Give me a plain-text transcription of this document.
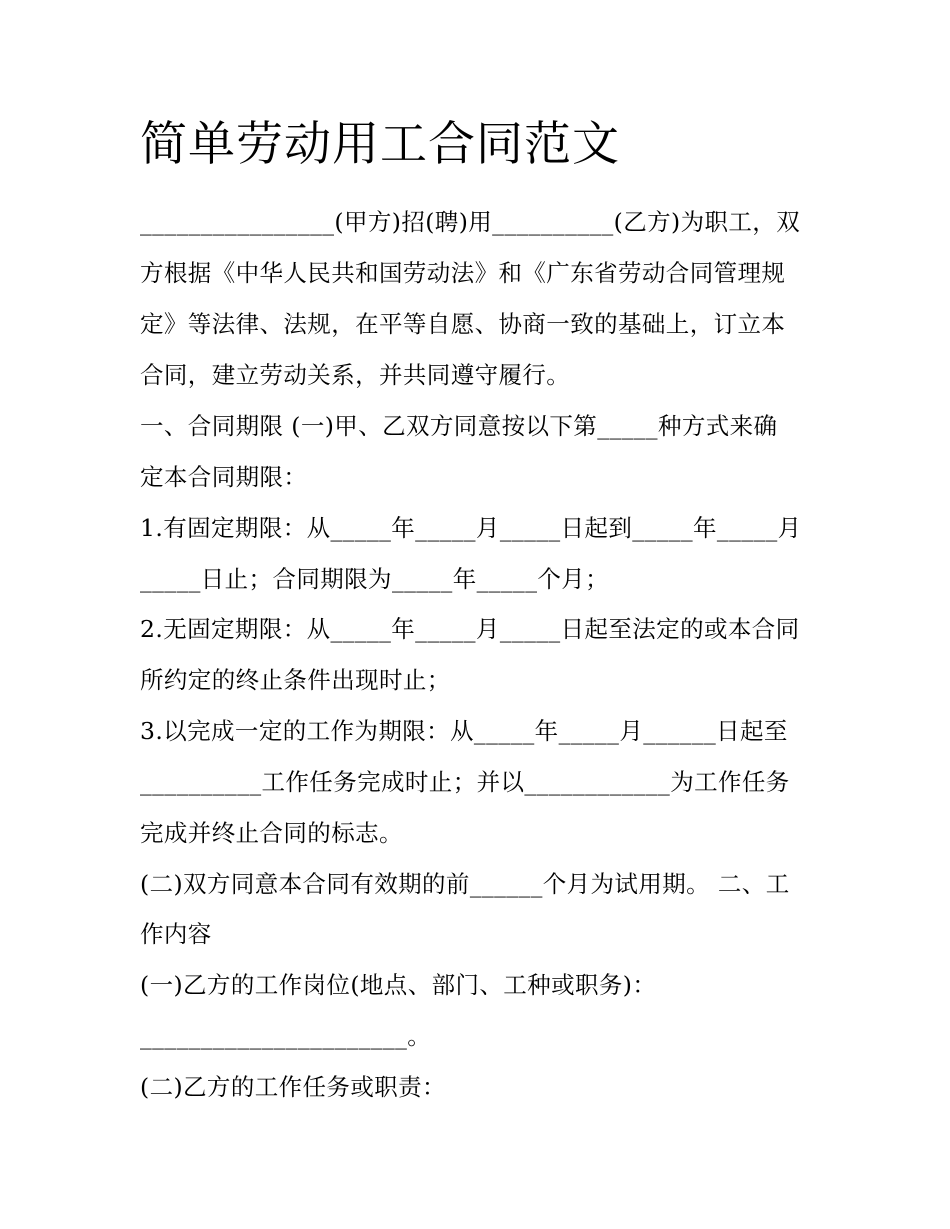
简单劳动用工合同范文

________________(甲方)招(聘)用__________(乙方)为职工，双

方根据《中华人民共和国劳动法》和《广东省劳动合同管理规

定》等法律、法规，在平等自愿、协商一致的基础上，订立本

合同，建立劳动关系，并共同遵守履行。

一、合同期限 (一)甲、乙双方同意按以下第_____种方式来确

定本合同期限：

1.有固定期限：从_____年_____月_____日起到_____年_____月

_____日止；合同期限为_____年_____个月；

2.无固定期限：从_____年_____月_____日起至法定的或本合同

所约定的终止条件出现时止；

3.以完成一定的工作为期限：从_____年_____月______日起至

__________工作任务完成时止；并以____________为工作任务

完成并终止合同的标志。

(二)双方同意本合同有效期的前______个月为试用期。 二、工

作内容

(一)乙方的工作岗位(地点、部门、工种或职务)：

______________________。

(二)乙方的工作任务或职责：
